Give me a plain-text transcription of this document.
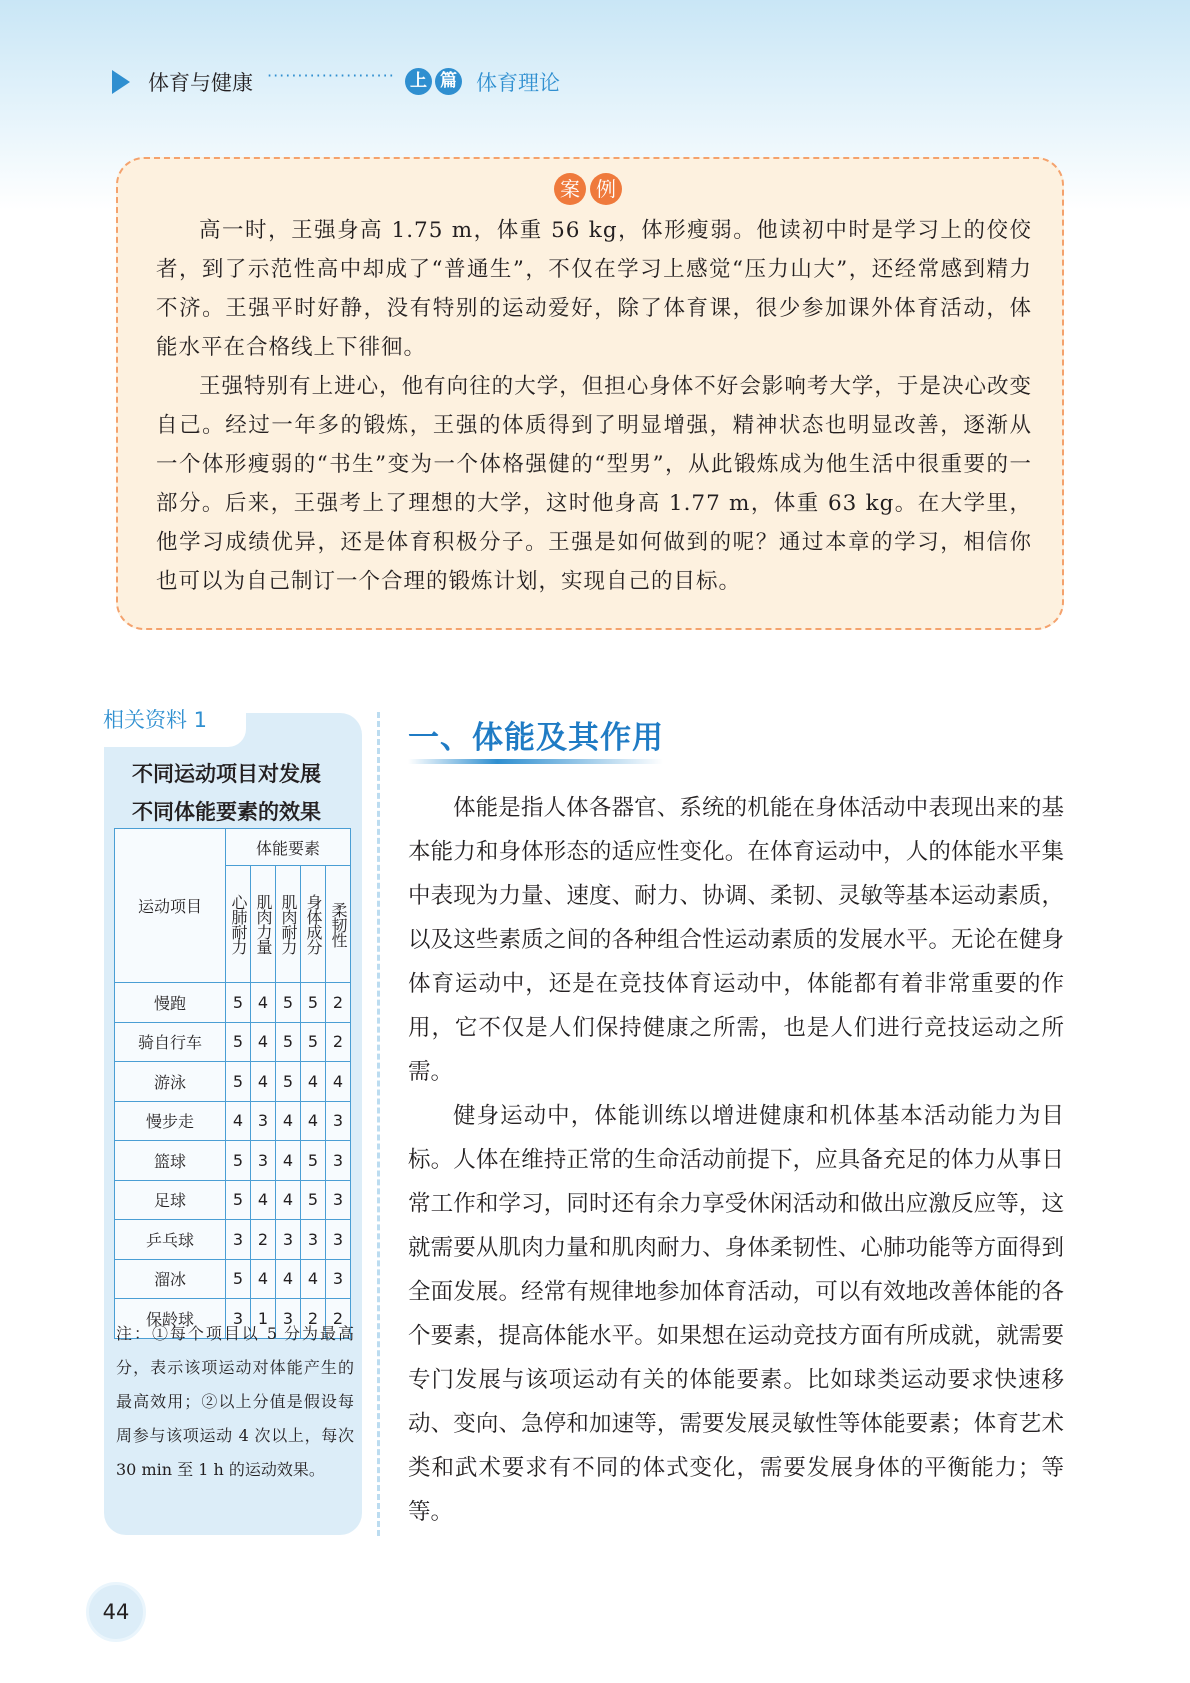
体育与健康 ····················· 上 篇 体育理论
案 例

高一时，王强身高 1.75 m，体重 56 kg，体形瘦弱。他读初中时是学习上的佼佼者，到了示范性高中却成了“普通生”，不仅在学习上感觉“压力山大”，还经常感到精力不济。王强平时好静，没有特别的运动爱好，除了体育课，很少参加课外体育活动，体能水平在合格线上下徘徊。

王强特别有上进心，他有向往的大学，但担心身体不好会影响考大学，于是决心改变自己。经过一年多的锻炼，王强的体质得到了明显增强，精神状态也明显改善，逐渐从一个体形瘦弱的“书生”变为一个体格强健的“型男”，从此锻炼成为他生活中很重要的一部分。后来，王强考上了理想的大学，这时他身高 1.77 m，体重 63 kg。在大学里，他学习成绩优异，还是体育积极分子。王强是如何做到的呢？通过本章的学习，相信你也可以为自己制订一个合理的锻炼计划，实现自己的目标。

不同运动项目对发展
不同体能要素的效果
相关资料 1
运动项目	体能要素				

	心肺耐力	肌肉力量	肌肉耐力	身体成分	柔韧性

慢跑	5	4	5	5	2
骑自行车	5	4	5	5	2
游泳	5	4	5	4	4
慢步走	4	3	4	4	3
篮球	5	3	4	5	3
足球	5	4	4	5	3
乒乓球	3	2	3	3	3
溜冰	5	4	4	4	3
保龄球	3	1	3	2	2
注：①每个项目以 5 分为最高分，表示该项运动对体能产生的最高效用；②以上分值是假设每周参与该项运动 4 次以上，每次 30 min 至 1 h 的运动效果。
一、体能及其作用

体能是指人体各器官、系统的机能在身体活动中表现出来的基本能力和身体形态的适应性变化。在体育运动中，人的体能水平集中表现为力量、速度、耐力、协调、柔韧、灵敏等基本运动素质，以及这些素质之间的各种组合性运动素质的发展水平。无论在健身体育运动中，还是在竞技体育运动中，体能都有着非常重要的作用，它不仅是人们保持健康之所需，也是人们进行竞技运动之所需。

健身运动中，体能训练以增进健康和机体基本活动能力为目标。人体在维持正常的生命活动前提下，应具备充足的体力从事日常工作和学习，同时还有余力享受休闲活动和做出应激反应等，这就需要从肌肉力量和肌肉耐力、身体柔韧性、心肺功能等方面得到全面发展。经常有规律地参加体育活动，可以有效地改善体能的各个要素，提高体能水平。如果想在运动竞技方面有所成就，就需要专门发展与该项运动有关的体能要素。比如球类运动要求快速移动、变向、急停和加速等，需要发展灵敏性等体能要素；体育艺术类和武术要求有不同的体式变化，需要发展身体的平衡能力；等等。

44
